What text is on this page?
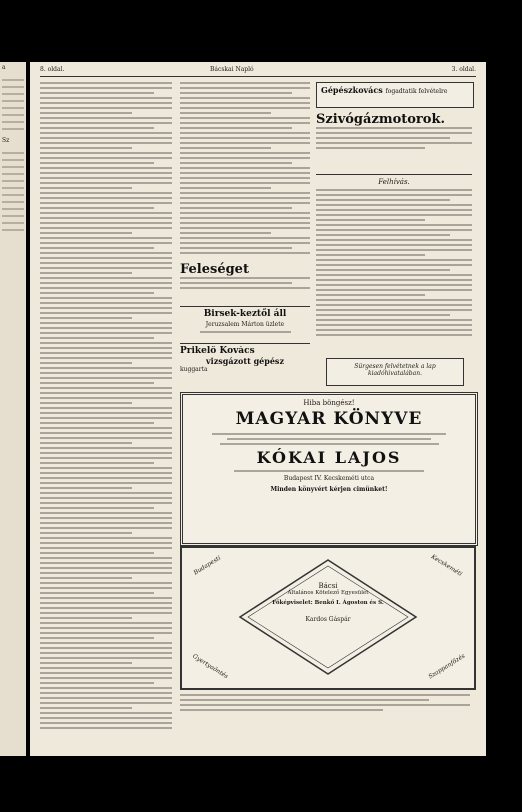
a
Sz
8. oldal.	Bácskai Napló	3. oldal.
Feleséget
Birsek-keztől áll
Jeruzsalem Márton üzlete
Prikelő Kovács
vizsgázott gépész
kuggarta
Gépészkovács fogadtatik felvételre
Szivógázmotorok.
Felhívás.
Sürgesen felvétetnek a lap kiadóhivatalában.
Hiba böngész!
MAGYAR KÖNYVE
KÓKAI LAJOS
Budapest IV. Kecskeméti utca
Minden könyvért kérjen cimünket!
Budapesti	Kecskeméti
Gyertyaöntés	Szappanfőzés
Bácsi
Általános Kötelező Egyesület
Főképviselet: Benkő I. Ágoston és S.
Kardos Gáspár
